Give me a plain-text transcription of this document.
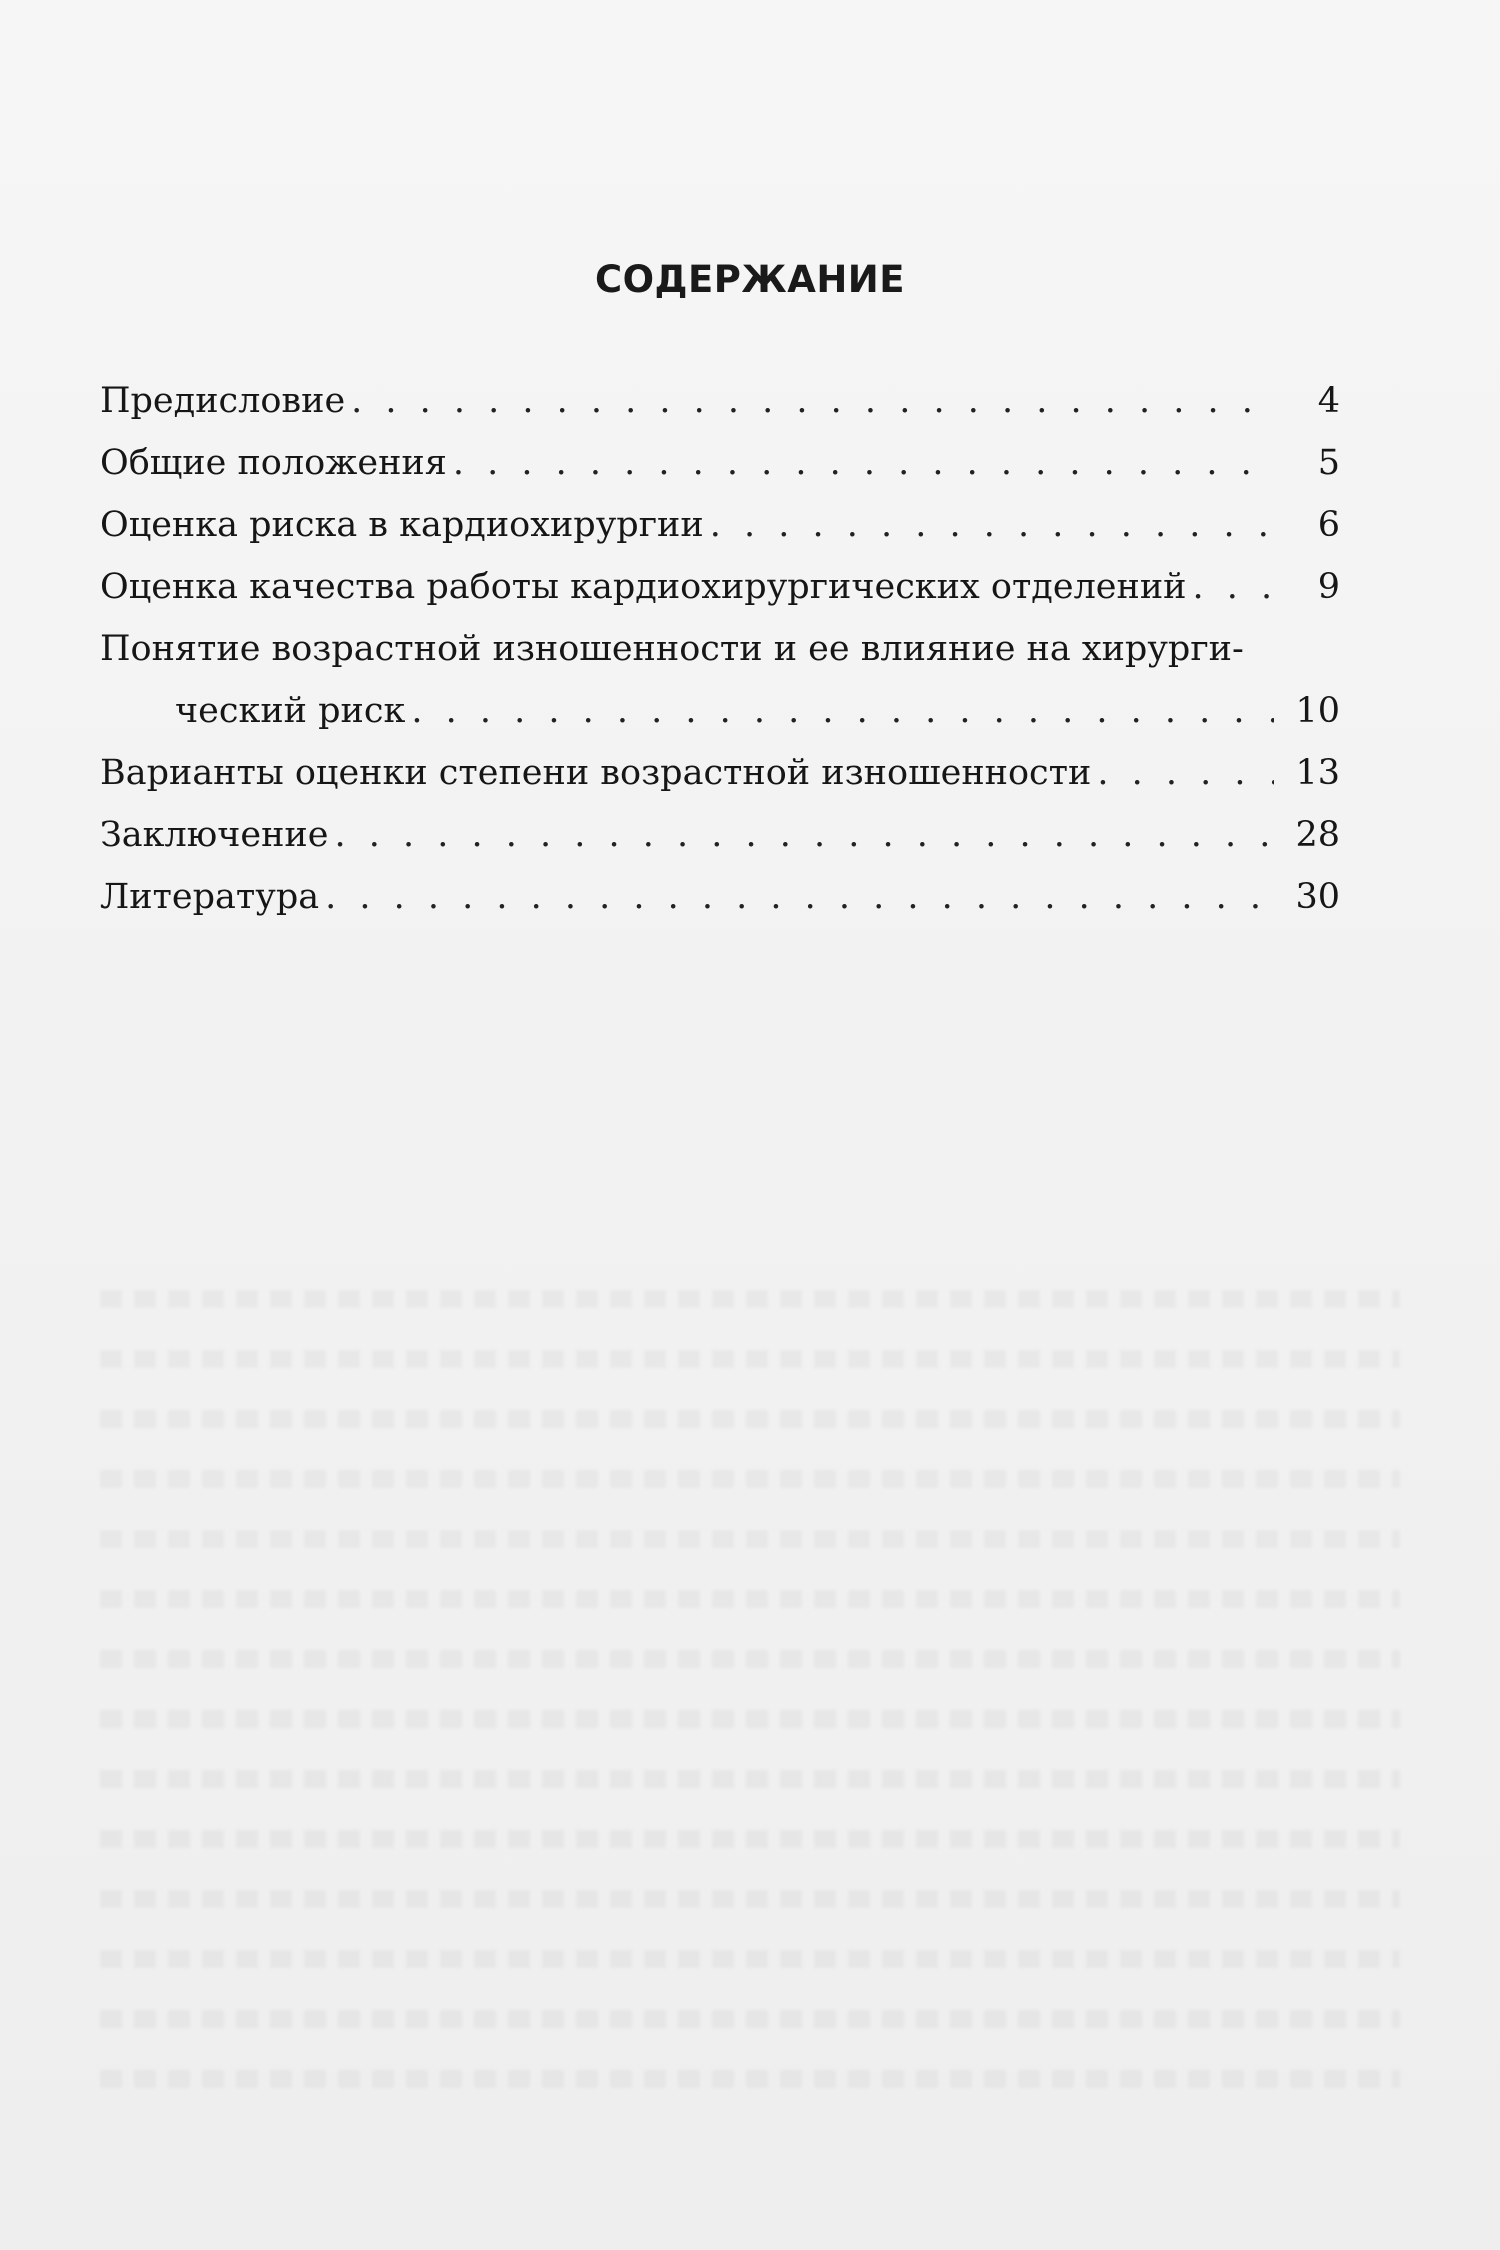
СОДЕРЖАНИЕ
Предисловие . . .	4
Общие положения . . .	5
Оценка риска в кардиохирургии . . .	6
Оценка качества работы кардиохирургических отделений . . .	9
Понятие возрастной изношенности и ее влияние на хирурги-
ческий риск . . .	10
Варианты оценки степени возрастной изношенности . . .	13
Заключение . . .	28
Литература . . .	30
